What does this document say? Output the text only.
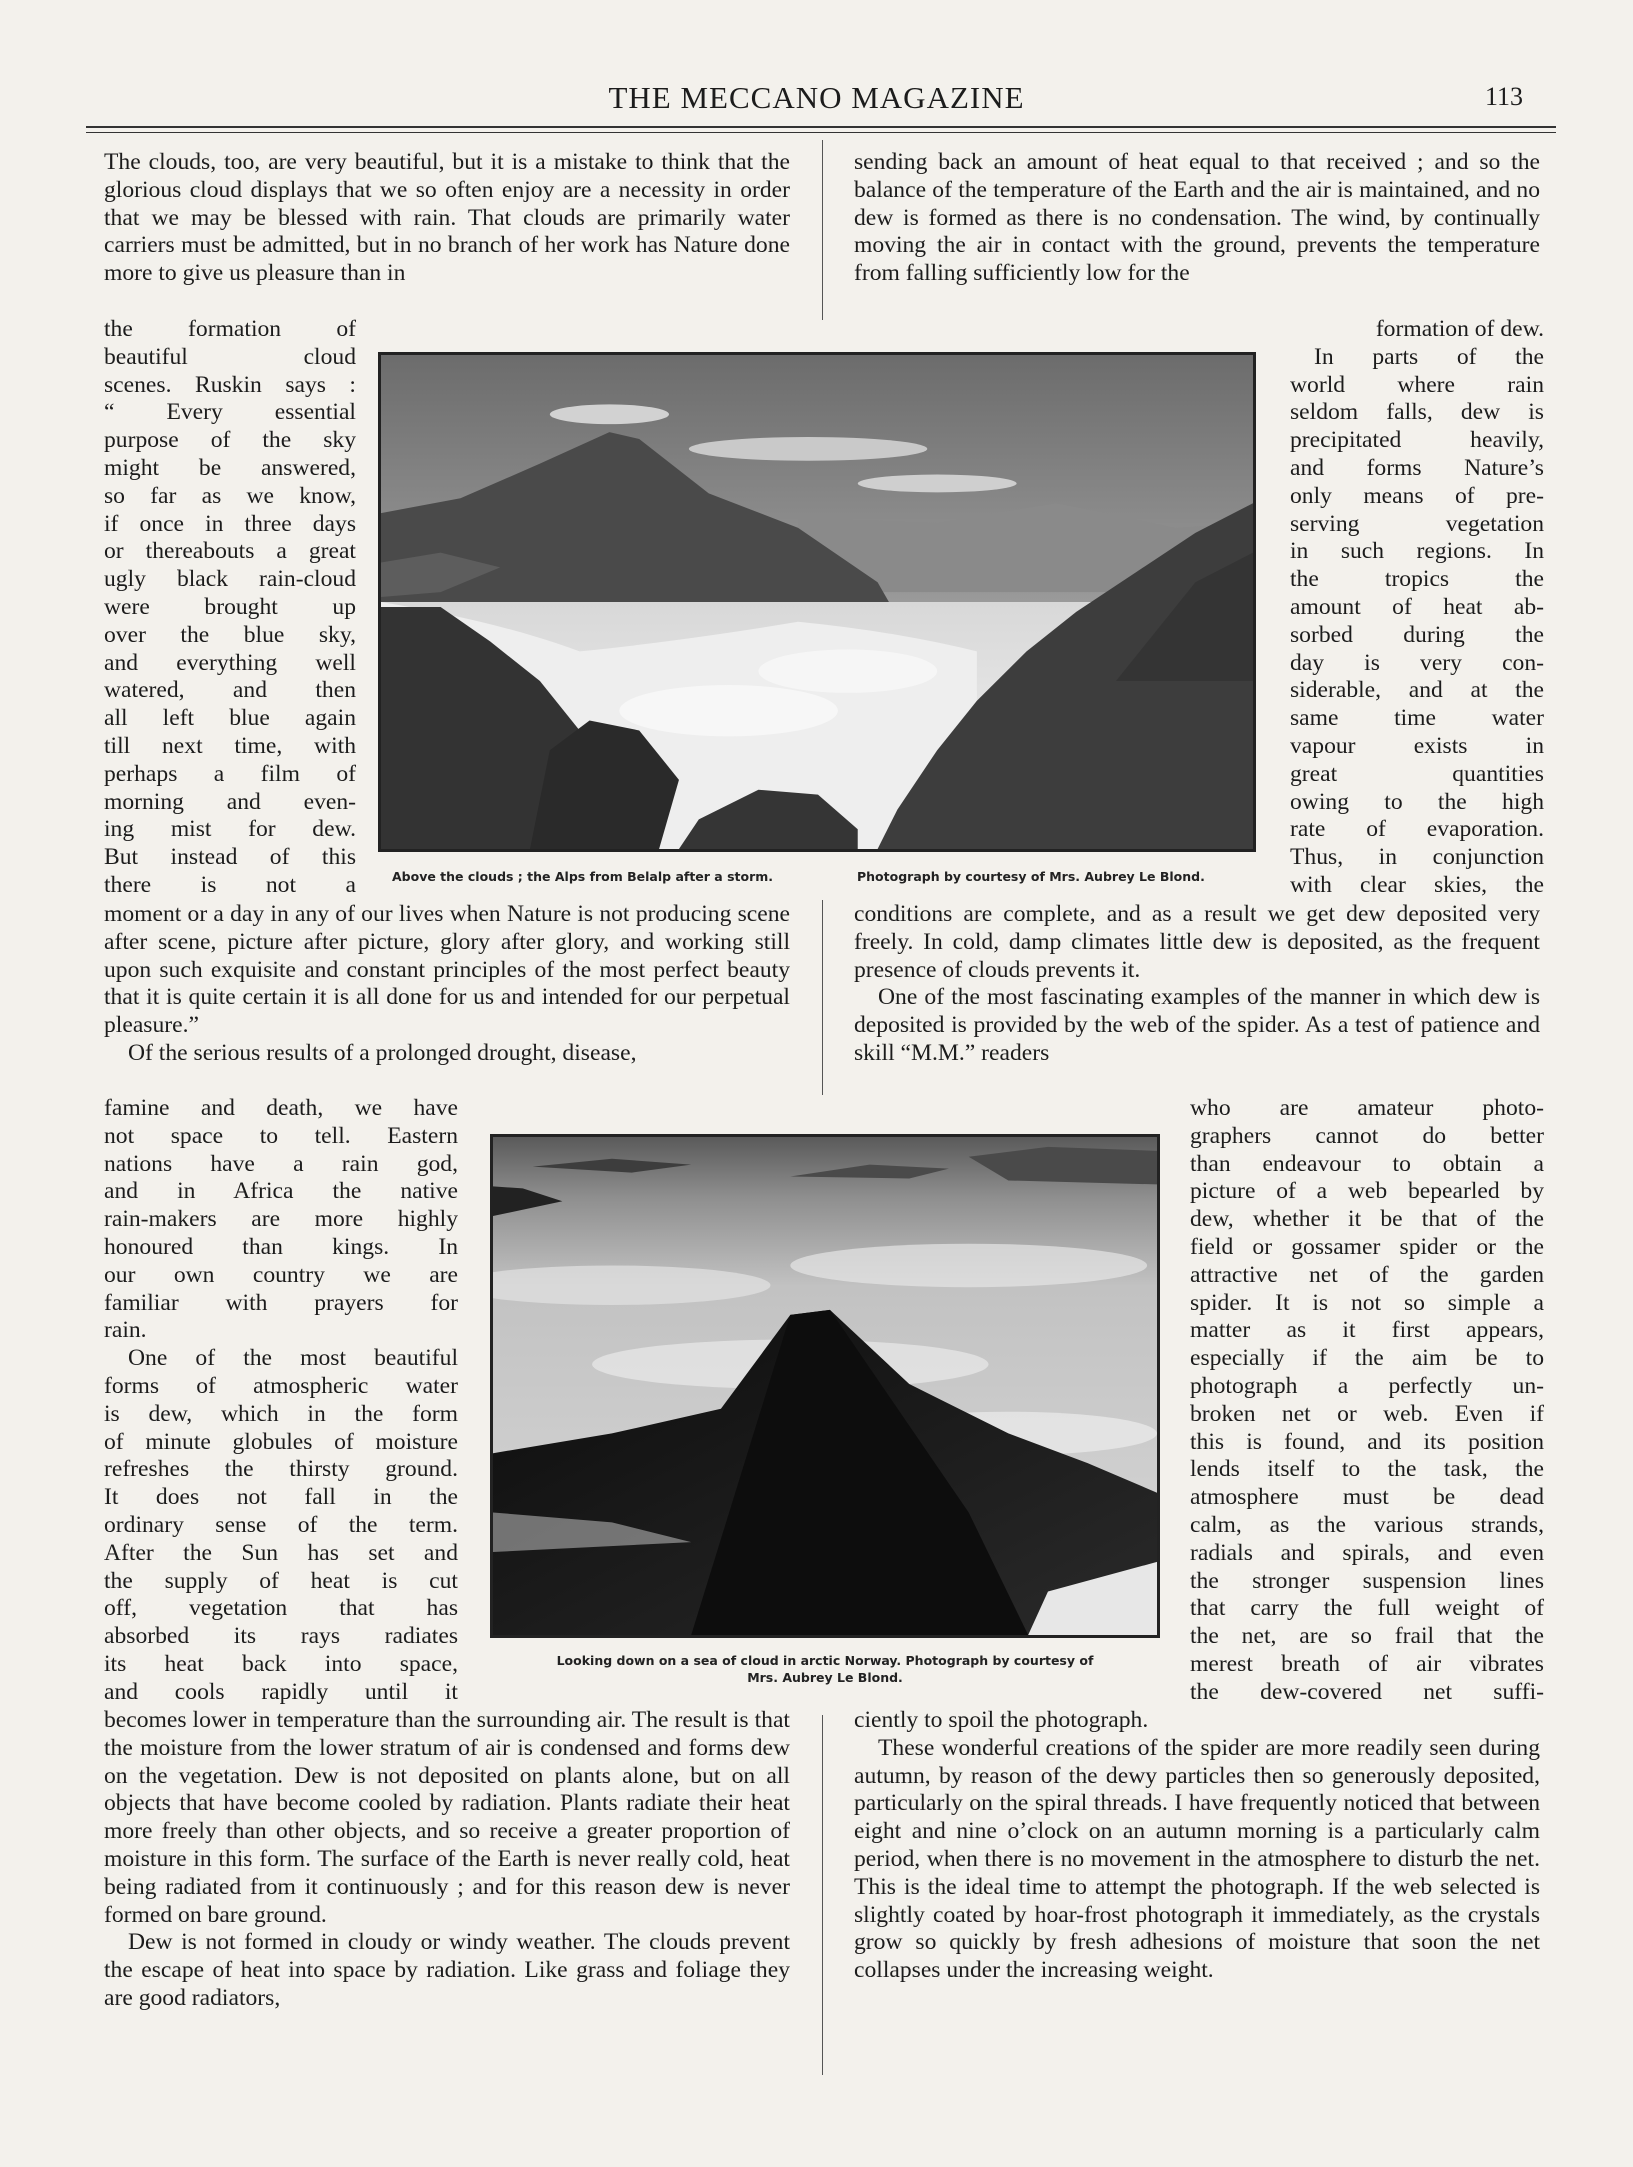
THE MECCANO MAGAZINE	113

The clouds, too, are very beautiful, but it is a mistake to think that the glorious cloud displays that we so often enjoy are a necessity in order that we may be blessed with rain. That clouds are primarily water carriers must be admitted, but in no branch of her work has Nature done more to give us pleasure than in

the formation of

beautiful cloud

scenes. Ruskin says :

“ Every essential

purpose of the sky

might be answered,

so far as we know,

if once in three days

or thereabouts a great

ugly black rain-cloud

were brought up

over the blue sky,

and everything well

watered, and then

all left blue again

till next time, with

perhaps a film of

morning and even-

ing mist for dew.

But instead of this

there is not a

moment or a day in any of our lives when Nature is not producing scene after scene, picture after picture, glory after glory, and working still upon such exquisite and constant principles of the most perfect beauty that it is quite certain it is all done for us and intended for our perpetual pleasure.”

Of the serious results of a prolonged drought, disease,

famine and death, we have

not space to tell. Eastern

nations have a rain god,

and in Africa the native

rain-makers are more highly

honoured than kings. In

our own country we are

familiar with prayers for

rain.

One of the most beautiful

forms of atmospheric water

is dew, which in the form

of minute globules of moisture

refreshes the thirsty ground.

It does not fall in the

ordinary sense of the term.

After the Sun has set and

the supply of heat is cut

off, vegetation that has

absorbed its rays radiates

its heat back into space,

and cools rapidly until it

becomes lower in temperature than the surrounding air. The result is that the moisture from the lower stratum of air is condensed and forms dew on the vegetation. Dew is not deposited on plants alone, but on all objects that have become cooled by radiation. Plants radiate their heat more freely than other objects, and so receive a greater proportion of moisture in this form. The surface of the Earth is never really cold, heat being radiated from it continuously ; and for this reason dew is never formed on bare ground.

Dew is not formed in cloudy or windy weather. The clouds prevent the escape of heat into space by radiation. Like grass and foliage they are good radiators,

sending back an amount of heat equal to that received ; and so the balance of the temperature of the Earth and the air is maintained, and no dew is formed as there is no condensation. The wind, by continually moving the air in contact with the ground, prevents the temperature from falling sufficiently low for the

formation of dew.

In parts of the

world where rain

seldom falls, dew is

precipitated heavily,

and forms Nature’s

only means of pre-

serving vegetation

in such regions. In

the tropics the

amount of heat ab-

sorbed during the

day is very con-

siderable, and at the

same time water

vapour exists in

great quantities

owing to the high

rate of evaporation.

Thus, in conjunction

with clear skies, the

conditions are complete, and as a result we get dew deposited very freely. In cold, damp climates little dew is deposited, as the frequent presence of clouds prevents it.

One of the most fascinating examples of the manner in which dew is deposited is provided by the web of the spider. As a test of patience and skill “M.M.” readers

who are amateur photo-

graphers cannot do better

than endeavour to obtain a

picture of a web bepearled by

dew, whether it be that of the

field or gossamer spider or the

attractive net of the garden

spider. It is not so simple a

matter as it first appears,

especially if the aim be to

photograph a perfectly un-

broken net or web. Even if

this is found, and its position

lends itself to the task, the

atmosphere must be dead

calm, as the various strands,

radials and spirals, and even

the stronger suspension lines

that carry the full weight of

the net, are so frail that the

merest breath of air vibrates

the dew-covered net suffi-

ciently to spoil the photograph.

These wonderful creations of the spider are more readily seen during autumn, by reason of the dewy particles then so generously deposited, particularly on the spiral threads. I have frequently noticed that between eight and nine o’clock on an autumn morning is a particularly calm period, when there is no movement in the atmosphere to disturb the net. This is the ideal time to attempt the photograph. If the web selected is slightly coated by hoar-frost photograph it immediately, as the crystals grow so quickly by fresh adhesions of moisture that soon the net collapses under the increasing weight.

Above the clouds ; the Alps from Belalp after a storm.	Photograph by courtesy of Mrs. Aubrey Le Blond.
Looking down on a sea of cloud in arctic Norway. Photograph by courtesy of
Mrs. Aubrey Le Blond.
